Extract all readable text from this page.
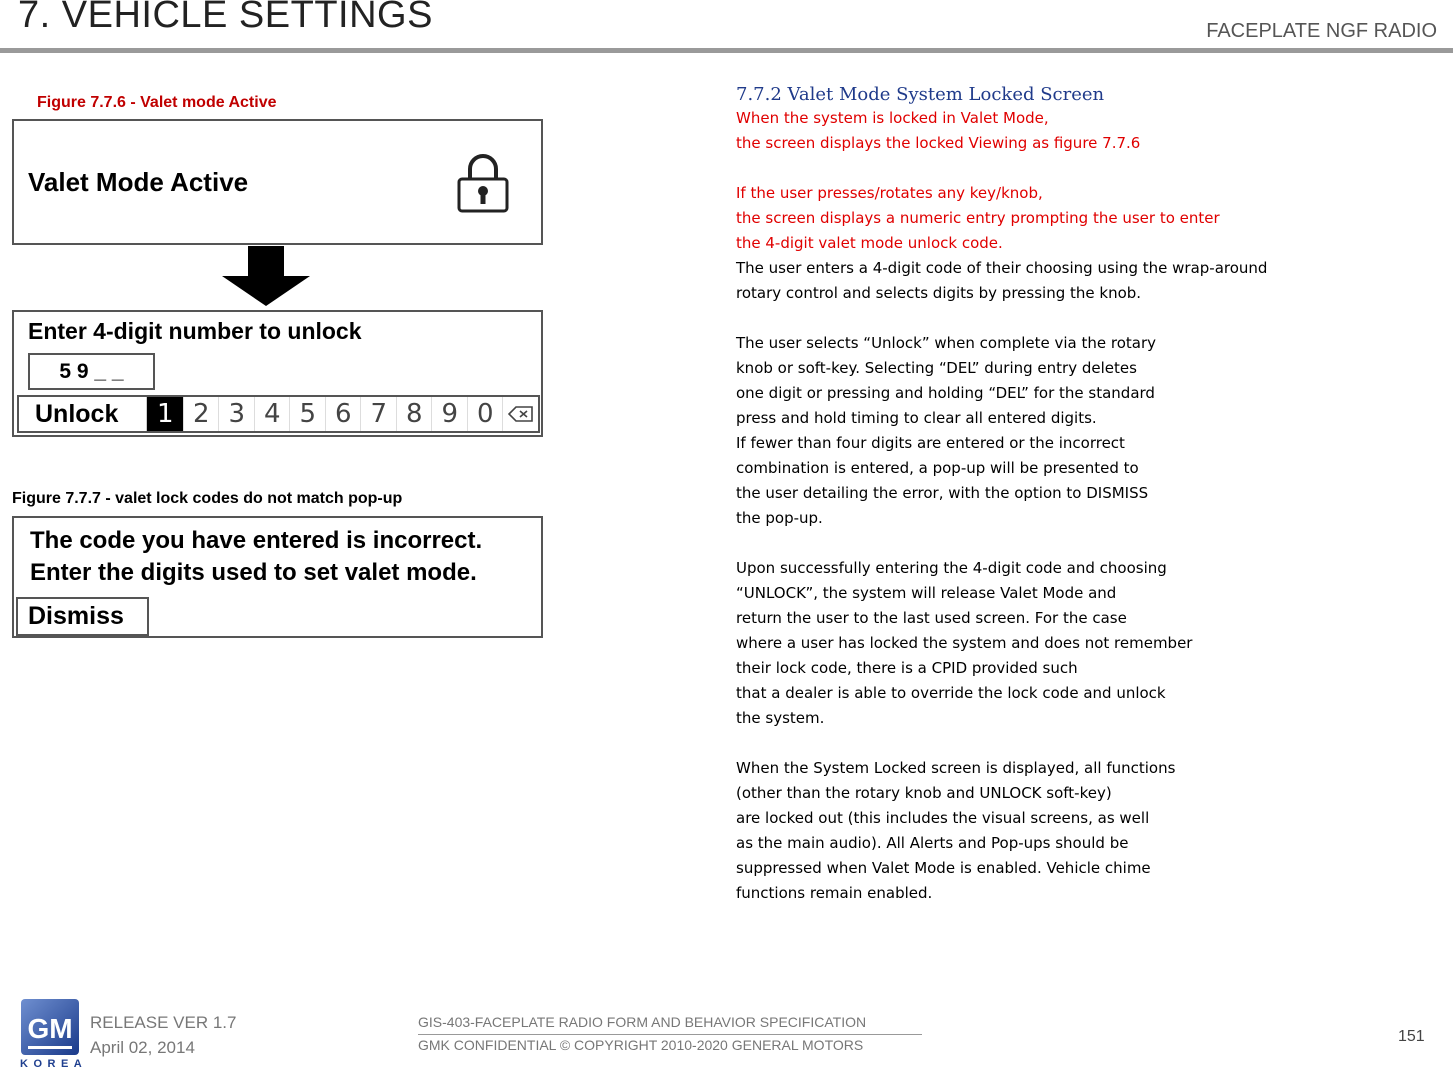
7. VEHICLE SETTINGS	FACEPLATE NGF RADIO
Figure 7.7.6 - Valet mode Active
Valet Mode Active
Enter 4-digit number to unlock
5 9 _ _
Unlock	1 2 3 4 5 6 7 8 9 0
Figure 7.7.7 - valet lock codes do not match pop-up
The code you have entered is incorrect.
Enter the digits used to set valet mode.
Dismiss
7.7.2 Valet Mode System Locked Screen
When the system is locked in Valet Mode,
the screen displays the locked Viewing as figure 7.7.6
If the user presses/rotates any key/knob,
the screen displays a numeric entry prompting the user to enter
the 4-digit valet mode unlock code.
The user enters a 4-digit code of their choosing using the wrap-around
rotary control and selects digits by pressing the knob.
The user selects “Unlock” when complete via the rotary
knob or soft-key. Selecting “DEL” during entry deletes
one digit or pressing and holding “DEL” for the standard
press and hold timing to clear all entered digits.
If fewer than four digits are entered or the incorrect
combination is entered, a pop-up will be presented to
the user detailing the error, with the option to DISMISS
the pop-up.
Upon successfully entering the 4-digit code and choosing
“UNLOCK”, the system will release Valet Mode and
return the user to the last used screen. For the case
where a user has locked the system and does not remember
their lock code, there is a CPID provided such
that a dealer is able to override the lock code and unlock
the system.
When the System Locked screen is displayed, all functions
(other than the rotary knob and UNLOCK soft-key)
are locked out (this includes the visual screens, as well
as the main audio). All Alerts and Pop-ups should be
suppressed when Valet Mode is enabled. Vehicle chime
functions remain enabled.
GM
KOREA
RELEASE VER 1.7
April 02, 2014
GIS-403-FACEPLATE RADIO FORM AND BEHAVIOR SPECIFICATION
GMK CONFIDENTIAL © COPYRIGHT 2010-2020 GENERAL MOTORS	151
